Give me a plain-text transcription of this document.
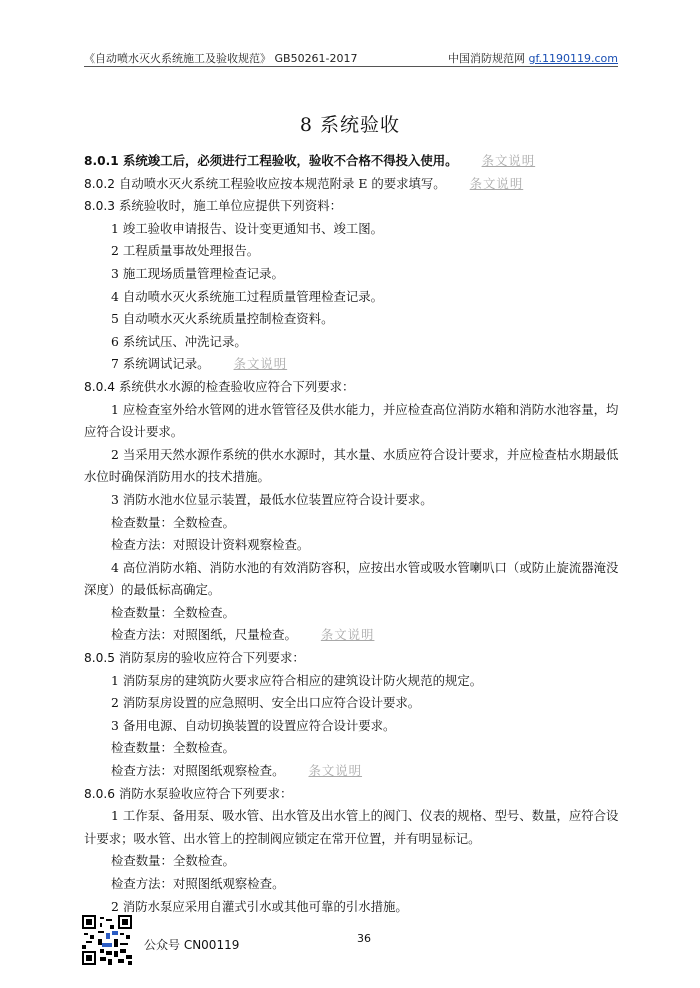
《自动喷水灭火系统施工及验收规范》 GB50261-2017	中国消防规范网 gf.1190119.com
8 系统验收
8.0.1 系统竣工后，必须进行工程验收，验收不合格不得投入使用。 条文说明
8.0.2 自动喷水灭火系统工程验收应按本规范附录 E 的要求填写。 条文说明
8.0.3 系统验收时，施工单位应提供下列资料：
1 竣工验收申请报告、设计变更通知书、竣工图。
2 工程质量事故处理报告。
3 施工现场质量管理检查记录。
4 自动喷水灭火系统施工过程质量管理检查记录。
5 自动喷水灭火系统质量控制检查资料。
6 系统试压、冲洗记录。
7 系统调试记录。 条文说明
8.0.4 系统供水水源的检查验收应符合下列要求：
1 应检查室外给水管网的进水管管径及供水能力，并应检查高位消防水箱和消防水池容量，均
应符合设计要求。
2 当采用天然水源作系统的供水水源时，其水量、水质应符合设计要求，并应检查枯水期最低
水位时确保消防用水的技术措施。
3 消防水池水位显示装置，最低水位装置应符合设计要求。
检查数量：全数检查。
检查方法：对照设计资料观察检查。
4 高位消防水箱、消防水池的有效消防容积，应按出水管或吸水管喇叭口（或防止旋流器淹没
深度）的最低标高确定。
检查数量：全数检查。
检查方法：对照图纸，尺量检查。 条文说明
8.0.5 消防泵房的验收应符合下列要求：
1 消防泵房的建筑防火要求应符合相应的建筑设计防火规范的规定。
2 消防泵房设置的应急照明、安全出口应符合设计要求。
3 备用电源、自动切换装置的设置应符合设计要求。
检查数量：全数检查。
检查方法：对照图纸观察检查。 条文说明
8.0.6 消防水泵验收应符合下列要求：
1 工作泵、备用泵、吸水管、出水管及出水管上的阀门、仪表的规格、型号、数量，应符合设
计要求；吸水管、出水管上的控制阀应锁定在常开位置，并有明显标记。
检查数量：全数检查。
检查方法：对照图纸观察检查。
2 消防水泵应采用自灌式引水或其他可靠的引水措施。
公众号 CN00119	36
